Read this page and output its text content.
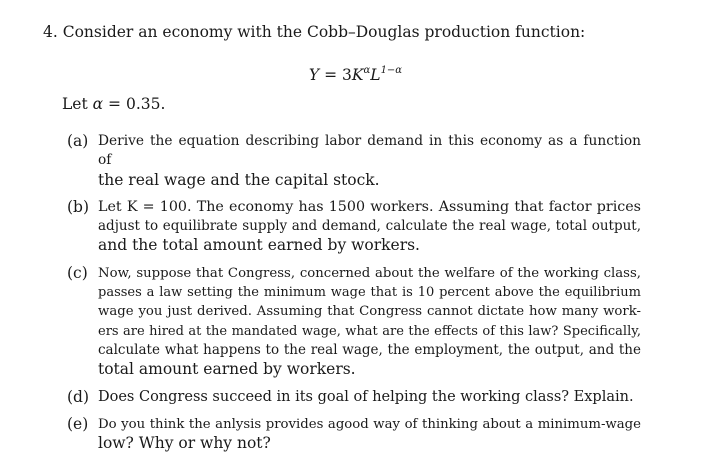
4. Consider an economy with the Cobb–Douglas production function:
$Y = 3K^\alpha L^{1-\alpha}$
Let α = 0.35.
(a) Derive the equation describing labor demand in this economy as a function of
the real wage and the capital stock.
(b) Let K = 100. The economy has 1500 workers. Assuming that factor prices
adjust to equilibrate supply and demand, calculate the real wage, total output,
and the total amount earned by workers.
(c) Now, suppose that Congress, concerned about the welfare of the working class,
passes a law setting the minimum wage that is 10 percent above the equilibrium
wage you just derived. Assuming that Congress cannot dictate how many work-
ers are hired at the mandated wage, what are the effects of this law? Specifically,
calculate what happens to the real wage, the employment, the output, and the
total amount earned by workers.
(d) Does Congress succeed in its goal of helping the working class? Explain.
(e) Do you think the anlysis provides agood way of thinking about a minimum-wage
low? Why or why not?
